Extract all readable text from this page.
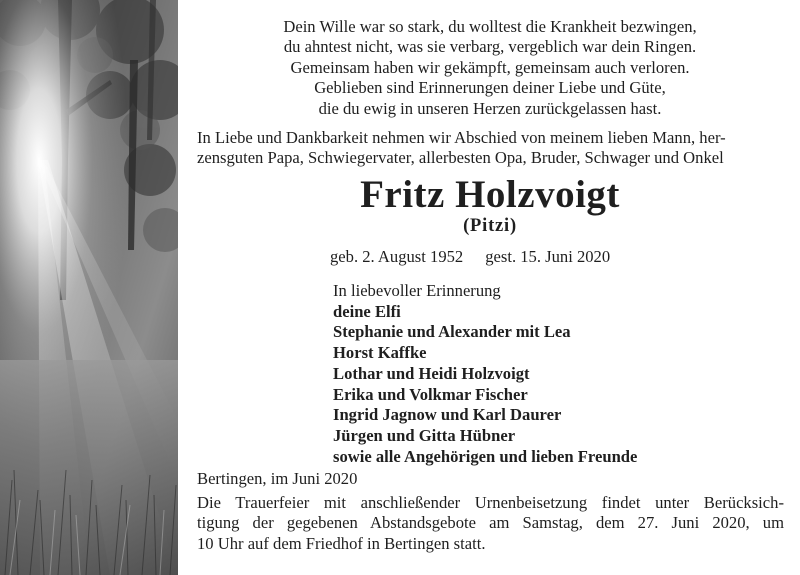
Dein Wille war so stark, du wolltest die Krankheit bezwingen,
du ahntest nicht, was sie verbarg, vergeblich war dein Ringen.
Gemeinsam haben wir gekämpft, gemeinsam auch verloren.
Geblieben sind Erinnerungen deiner Liebe und Güte,
die du ewig in unseren Herzen zurückgelassen hast.
In Liebe und Dankbarkeit nehmen wir Abschied von meinem lieben Mann, her-
zensguten Papa, Schwiegervater, allerbesten Opa, Bruder, Schwager und Onkel
Fritz Holzvoigt
(Pitzi)
geb. 2. August 1952 gest. 15. Juni 2020
In liebevoller Erinnerung
deine Elfi
Stephanie und Alexander mit Lea
Horst Kaffke
Lothar und Heidi Holzvoigt
Erika und Volkmar Fischer
Ingrid Jagnow und Karl Daurer
Jürgen und Gitta Hübner
sowie alle Angehörigen und lieben Freunde
Bertingen, im Juni 2020
Die Trauerfeier mit anschließender Urnenbeisetzung findet unter Berücksich-
tigung der gegebenen Abstandsgebote am Samstag, dem 27. Juni 2020, um
10 Uhr auf dem Friedhof in Bertingen statt.
